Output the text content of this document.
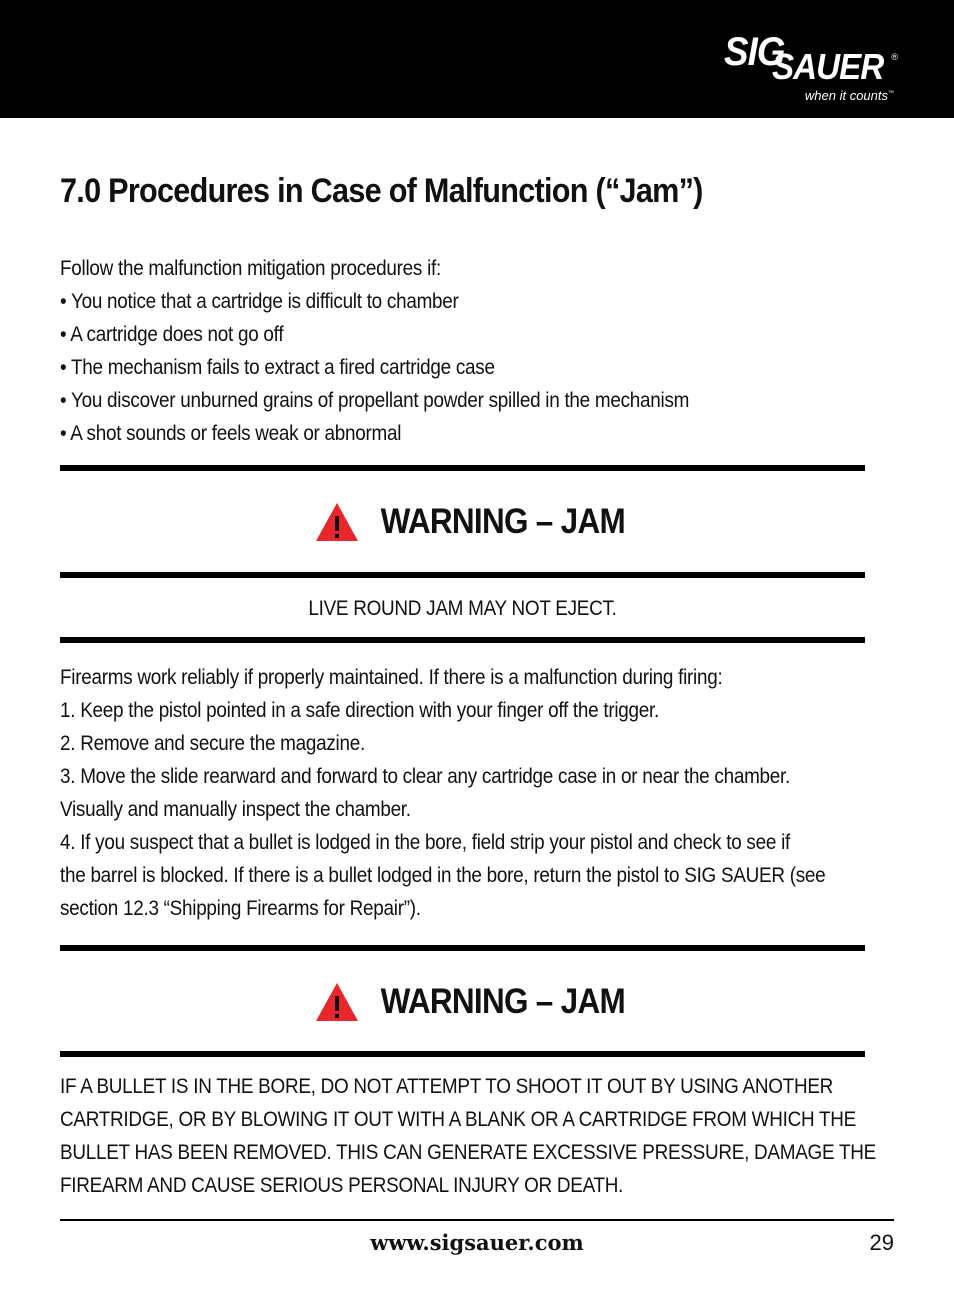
SIG
SAUER ®
when it counts™
7.0 Procedures in Case of Malfunction (“Jam”)
Follow the malfunction mitigation procedures if:
• You notice that a cartridge is difficult to chamber
• A cartridge does not go off
• The mechanism fails to extract a fired cartridge case
• You discover unburned grains of propellant powder spilled in the mechanism
• A shot sounds or feels weak or abnormal
WARNING – JAM
LIVE ROUND JAM MAY NOT EJECT.
Firearms work reliably if properly maintained. If there is a malfunction during firing:
1. Keep the pistol pointed in a safe direction with your finger off the trigger.
2. Remove and secure the magazine.
3. Move the slide rearward and forward to clear any cartridge case in or near the chamber.
Visually and manually inspect the chamber.
4. If you suspect that a bullet is lodged in the bore, field strip your pistol and check to see if
the barrel is blocked. If there is a bullet lodged in the bore, return the pistol to SIG SAUER (see
section 12.3 “Shipping Firearms for Repair”).
WARNING – JAM
IF A BULLET IS IN THE BORE, DO NOT ATTEMPT TO SHOOT IT OUT BY USING ANOTHER
CARTRIDGE, OR BY BLOWING IT OUT WITH A BLANK OR A CARTRIDGE FROM WHICH THE
BULLET HAS BEEN REMOVED. THIS CAN GENERATE EXCESSIVE PRESSURE, DAMAGE THE
FIREARM AND CAUSE SERIOUS PERSONAL INJURY OR DEATH.
www.sigsauer.com	29
